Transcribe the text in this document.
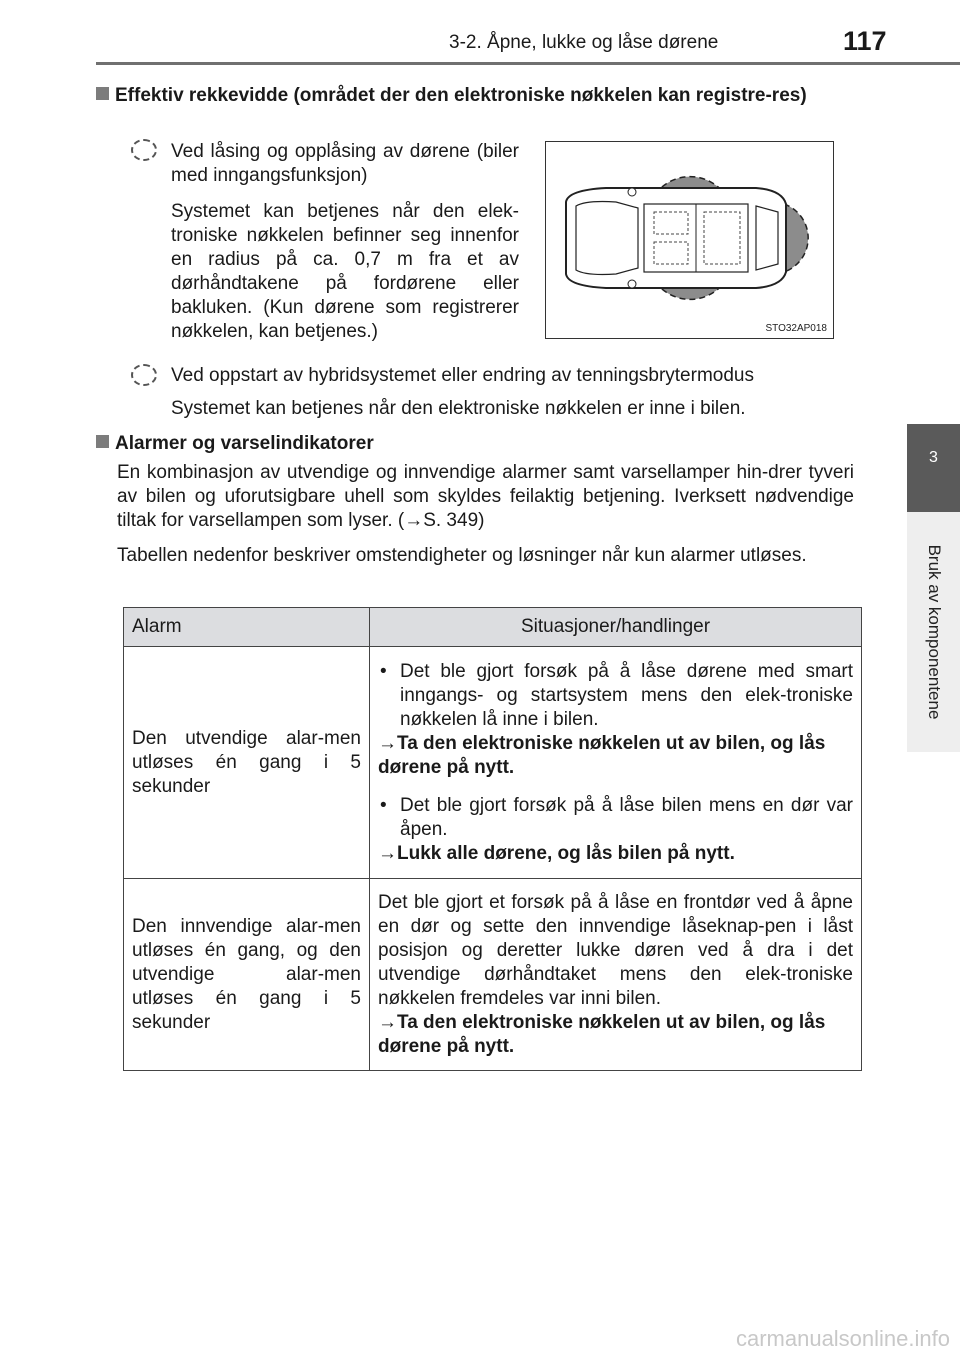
3-2. Åpne, lukke og låse dørene	117
3
Bruk av komponentene
Effektiv rekkevidde (området der den elektroniske nøkkelen kan registre-res)
Ved låsing og opplåsing av dørene (biler med inngangsfunksjon)
Systemet kan betjenes når den elek-troniske nøkkelen befinner seg innenfor en radius på ca. 0,7 m fra et av dørhåndtakene på fordørene eller bakluken. (Kun dørene som registrerer nøkkelen, kan betjenes.)	STO32AP018
Ved oppstart av hybridsystemet eller endring av tenningsbrytermodus
Systemet kan betjenes når den elektroniske nøkkelen er inne i bilen.
Alarmer og varselindikatorer
En kombinasjon av utvendige og innvendige alarmer samt varsellamper hin-drer tyveri av bilen og uforutsigbare uhell som skyldes feilaktig betjening. Iverksett nødvendige tiltak for varsellampen som lyser. (→S. 349)
Tabellen nedenfor beskriver omstendigheter og løsninger når kun alarmer utløses.
Alarm	Situasjoner/handlinger
Den utvendige alar-men utløses én gang i 5 sekunder	• Det ble gjort forsøk på å låse dørene med smart inngangs- og startsystem mens den elek-troniske nøkkelen lå inne i bilen.
→Ta den elektroniske nøkkelen ut av bilen, og lås dørene på nytt.
• Det ble gjort forsøk på å låse bilen mens en dør var åpen.
→Lukk alle dørene, og lås bilen på nytt.

Den innvendige alar-men utløses én gang, og den utvendige alar-men utløses én gang i 5 sekunder	Det ble gjort et forsøk på å låse en frontdør ved å åpne en dør og sette den innvendige låseknap-pen i låst posisjon og deretter lukke døren ved å dra i det utvendige dørhåndtaket mens den elek-troniske nøkkelen fremdeles var inni bilen.
→Ta den elektroniske nøkkelen ut av bilen, og lås dørene på nytt.
carmanualsonline.info
